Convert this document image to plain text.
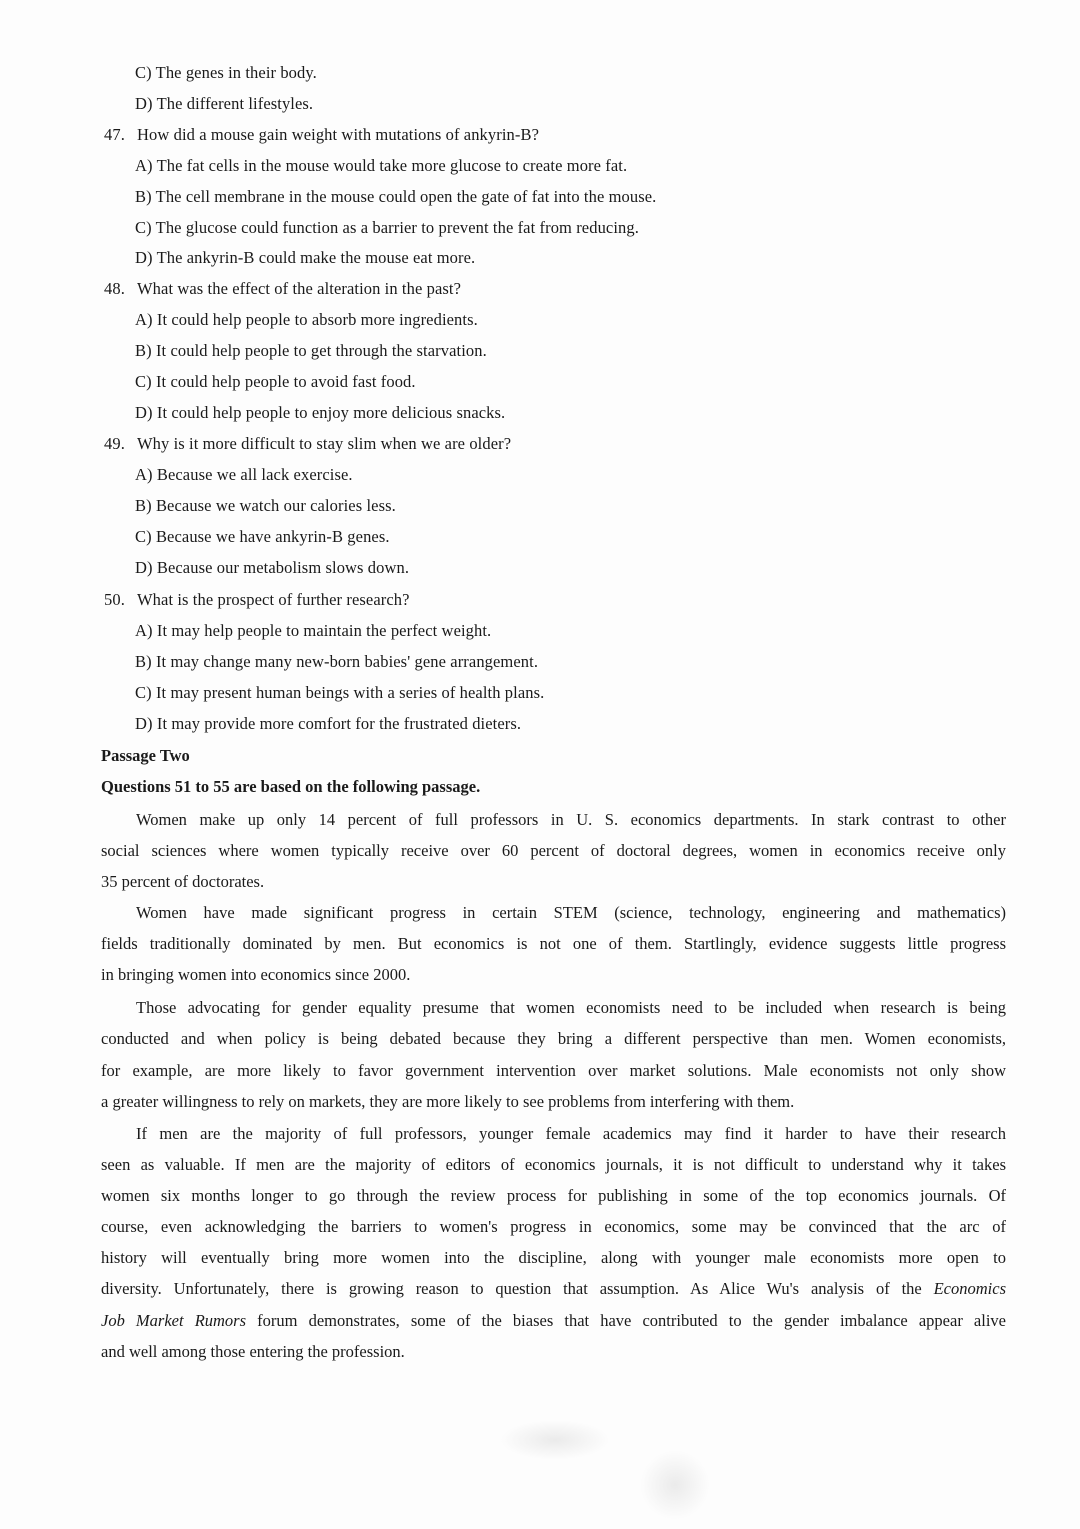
C) The genes in their body.
D) The different lifestyles.
47. How did a mouse gain weight with mutations of ankyrin-B?
A) The fat cells in the mouse would take more glucose to create more fat.
B) The cell membrane in the mouse could open the gate of fat into the mouse.
C) The glucose could function as a barrier to prevent the fat from reducing.
D) The ankyrin-B could make the mouse eat more.
48. What was the effect of the alteration in the past?
A) It could help people to absorb more ingredients.
B) It could help people to get through the starvation.
C) It could help people to avoid fast food.
D) It could help people to enjoy more delicious snacks.
49. Why is it more difficult to stay slim when we are older?
A) Because we all lack exercise.
B) Because we watch our calories less.
C) Because we have ankyrin-B genes.
D) Because our metabolism slows down.
50. What is the prospect of further research?
A) It may help people to maintain the perfect weight.
B) It may change many new-born babies' gene arrangement.
C) It may present human beings with a series of health plans.
D) It may provide more comfort for the frustrated dieters.
Passage Two
Questions 51 to 55 are based on the following passage.
Women make up only 14 percent of full professors in U. S. economics departments. In stark contrast to other
social sciences where women typically receive over 60 percent of doctoral degrees, women in economics receive only
35 percent of doctorates.
Women have made significant progress in certain STEM (science, technology, engineering and mathematics)
fields traditionally dominated by men. But economics is not one of them. Startlingly, evidence suggests little progress
in bringing women into economics since 2000.
Those advocating for gender equality presume that women economists need to be included when research is being
conducted and when policy is being debated because they bring a different perspective than men. Women economists,
for example, are more likely to favor government intervention over market solutions. Male economists not only show
a greater willingness to rely on markets, they are more likely to see problems from interfering with them.
If men are the majority of full professors, younger female academics may find it harder to have their research
seen as valuable. If men are the majority of editors of economics journals, it is not difficult to understand why it takes
women six months longer to go through the review process for publishing in some of the top economics journals. Of
course, even acknowledging the barriers to women's progress in economics, some may be convinced that the arc of
history will eventually bring more women into the discipline, along with younger male economists more open to
diversity. Unfortunately, there is growing reason to question that assumption. As Alice Wu's analysis of the Economics
Job Market Rumors forum demonstrates, some of the biases that have contributed to the gender imbalance appear alive
and well among those entering the profession.
